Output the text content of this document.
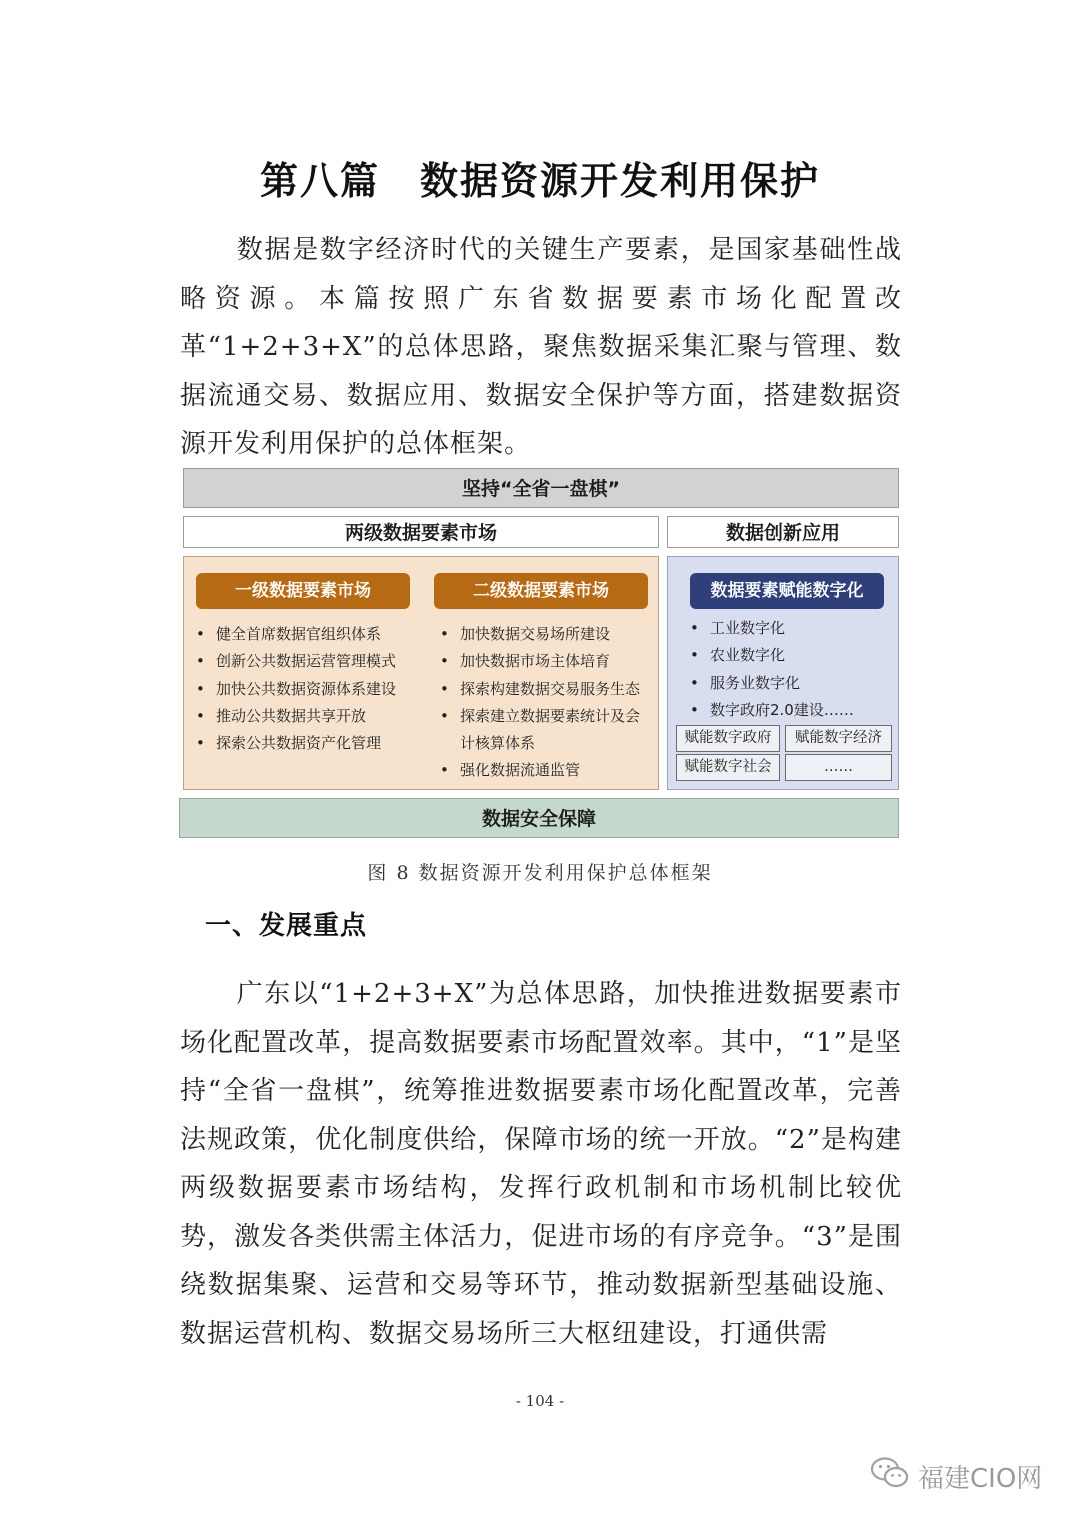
第八篇　数据资源开发利用保护
数据是数字经济时代的关键生产要素，是国家基础性战略资源。本篇按照广东省数据要素市场化配置改革“1+2+3+X”的总体思路，聚焦数据采集汇聚与管理、数据流通交易、数据应用、数据安全保护等方面，搭建数据资源开发利用保护的总体框架。
坚持“全省一盘棋”
两级数据要素市场	数据创新应用
一级数据要素市场
• 健全首席数据官组织体系
• 创新公共数据运营管理模式
• 加快公共数据资源体系建设
• 推动公共数据共享开放
• 探索公共数据资产化管理
二级数据要素市场
• 加快数据交易场所建设
• 加快数据市场主体培育
• 探索构建数据交易服务生态
• 探索建立数据要素统计及会
计核算体系
• 强化数据流通监管
数据要素赋能数字化
• 工业数字化
• 农业数字化
• 服务业数字化
• 数字政府2.0建设……
赋能数字政府	赋能数字经济
赋能数字社会	……
数据安全保障
图 8 数据资源开发利用保护总体框架
一、发展重点
广东以“1+2+3+X”为总体思路，加快推进数据要素市场化配置改革，提高数据要素市场配置效率。其中，“1”是坚持“全省一盘棋”，统筹推进数据要素市场化配置改革，完善法规政策，优化制度供给，保障市场的统一开放。“2”是构建两级数据要素市场结构，发挥行政机制和市场机制比较优势，激发各类供需主体活力，促进市场的有序竞争。“3”是围绕数据集聚、运营和交易等环节，推动数据新型基础设施、数据运营机构、数据交易场所三大枢纽建设，打通供需
- 104 -
福建CIO网
